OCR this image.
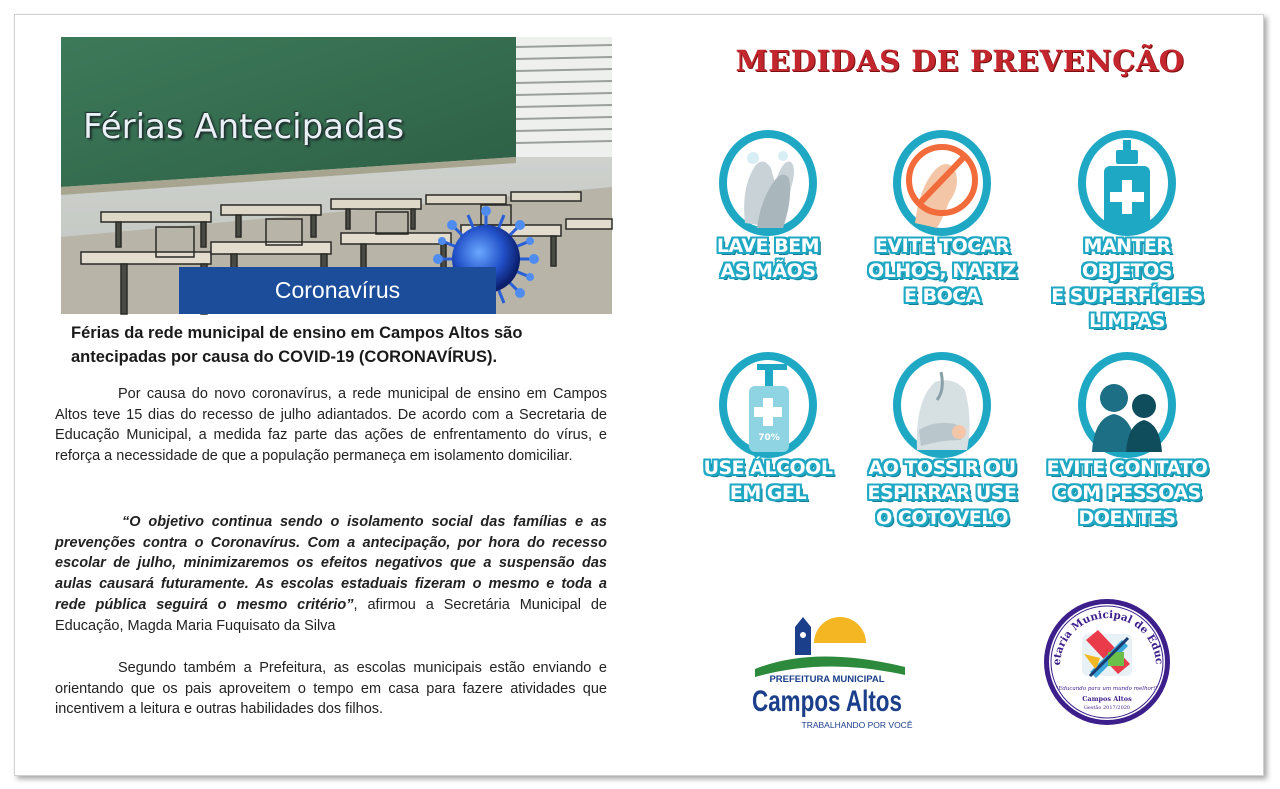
Férias Antecipadas
Coronavírus
Férias da rede municipal de ensino em Campos Altos são antecipadas por causa do COVID-19 (CORONAVÍRUS).

Por causa do novo coronavírus, a rede municipal de ensino em Campos Altos teve 15 dias do recesso de julho adiantados. De acordo com a Secretaria de Educação Municipal, a medida faz parte das ações de enfrentamento do vírus, e reforça a necessidade de que a população permaneça em isolamento domiciliar.

“O objetivo continua sendo o isolamento social das famílias e as prevenções contra o Coronavírus. Com a antecipação, por hora do recesso escolar de julho, minimizaremos os efeitos negativos que a suspensão das aulas causará futuramente. As escolas estaduais fizeram o mesmo e toda a rede pública seguirá o mesmo critério”, afirmou a Secretária Municipal de Educação, Magda Maria Fuquisato da Silva

Segundo também a Prefeitura, as escolas municipais estão enviando e orientando que os pais aproveitem o tempo em casa para fazere atividades que incentivem a leitura e outras habilidades dos filhos.

MEDIDAS DE PREVENÇÃO
LAVE BEM
AS MÃOS
EVITE TOCAR
OLHOS, NARIZ
E BOCA
MANTER OBJETOS
E SUPERFÍCIES
LIMPAS
70%
USE ÁLCOOL
EM GEL
AO TOSSIR OU
ESPIRRAR USE
O COTOVELO
EVITE CONTATO
COM PESSOAS
DOENTES
PREFEITURA MUNICIPAL
Campos Altos
TRABALHANDO POR VOCÊ
etaria Municipal de Educ
"Educando para um mundo melhor!"
Campos Altos
Gestão 2017/2020
